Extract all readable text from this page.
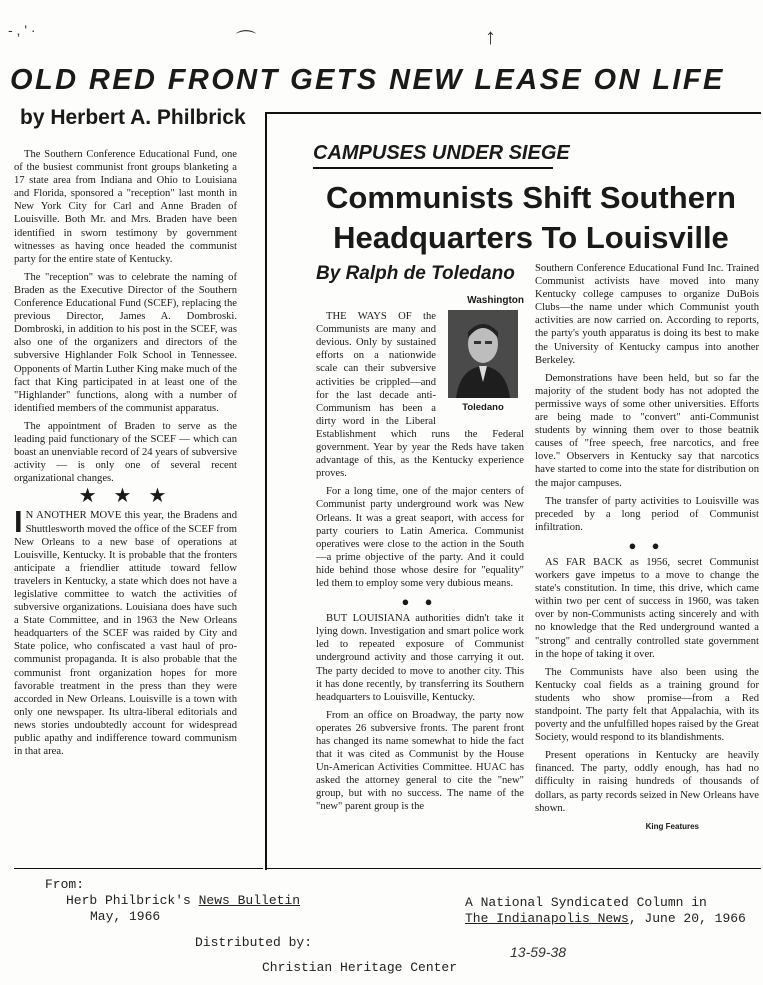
- , ' ·	⌒	↑
OLD RED FRONT GETS NEW LEASE ON LIFE
by Herbert A. Philbrick

The Southern Conference Educational Fund, one of the busiest communist front groups blanketing a 17 state area from Indiana and Ohio to Louisiana and Florida, sponsored a "reception" last month in New York City for Carl and Anne Braden of Louisville. Both Mr. and Mrs. Braden have been identified in sworn testimony by government witnesses as having once headed the communist party for the entire state of Kentucky.

The "reception" was to celebrate the naming of Braden as the Executive Director of the Southern Conference Educational Fund (SCEF), replacing the previous Director, James A. Dombroski. Dombroski, in addition to his post in the SCEF, was also one of the organizers and directors of the subversive Highlander Folk School in Tennessee. Opponents of Martin Luther King make much of the fact that King participated in at least one of the "Highlander" functions, along with a number of identified members of the communist apparatus.

The appointment of Braden to serve as the leading paid functionary of the SCEF — which can boast an unenviable record of 24 years of subversive activity — is only one of several recent organizational changes.

★ ★ ★

I N ANOTHER MOVE this year, the Bradens and Shuttlesworth moved the office of the SCEF from New Orleans to a new base of operations at Louisville, Kentucky. It is probable that the fronters anticipate a friendlier attitude toward fellow travelers in Kentucky, a state which does not have a legislative committee to watch the activities of subversive organizations. Louisiana does have such a State Committee, and in 1963 the New Orleans headquarters of the SCEF was raided by City and State police, who confiscated a vast haul of pro-communist propaganda. It is also probable that the communist front organization hopes for more favorable treatment in the press than they were accorded in New Orleans. Louisville is a town with only one newspaper. Its ultra-liberal editorials and news stories undoubtedly account for widespread public apathy and indifference toward communism in that area.

CAMPUSES UNDER SIEGE
Communists Shift Southern
Headquarters To Louisville
By Ralph de Toledano
Washington
Toledano

THE WAYS OF the Communists are many and devious. Only by sustained efforts on a nationwide scale can their subversive activities be crippled—and for the last decade anti-Communism has been a dirty word in the Liberal Establishment which runs the Federal government. Year by year the Reds have taken advantage of this, as the Kentucky experience proves.

For a long time, one of the major centers of Communist party underground work was New Orleans. It was a great seaport, with access for party couriers to Latin America. Communist operatives were close to the action in the South—a prime objective of the party. And it could hide behind those whose desire for "equality" led them to employ some very dubious means.

● ●

BUT LOUISIANA authorities didn't take it lying down. Investigation and smart police work led to repeated exposure of Communist underground activity and those carrying it out. The party decided to move to another city. This it has done recently, by transferring its Southern headquarters to Louisville, Kentucky.

From an office on Broadway, the party now operates 26 subversive fronts. The parent front has changed its name somewhat to hide the fact that it was cited as Communist by the House Un-American Activities Committee. HUAC has asked the attorney general to cite the "new" group, but with no success. The name of the "new" parent group is the

Southern Conference Educational Fund Inc. Trained Communist activists have moved into many Kentucky college campuses to organize DuBois Clubs—the name under which Communist youth activities are now carried on. According to reports, the party's youth apparatus is doing its best to make the University of Kentucky campus into another Berkeley.

Demonstrations have been held, but so far the majority of the student body has not adopted the permissive ways of some other universities. Efforts are being made to "convert" anti-Communist students by winning them over to those beatnik causes of "free speech, free narcotics, and free love." Observers in Kentucky say that narcotics have started to come into the state for distribution on the major campuses.

The transfer of party activities to Louisville was preceded by a long period of Communist infiltration.

● ●

AS FAR BACK as 1956, secret Communist workers gave impetus to a move to change the state's constitution. In time, this drive, which came within two per cent of success in 1960, was taken over by non-Communists acting sincerely and with no knowledge that the Red underground wanted a "strong" and centrally controlled state government in the hope of taking it over.

The Communists have also been using the Kentucky coal fields as a training ground for students who show promise—from a Red standpoint. The party felt that Appalachia, with its poverty and the unfulfilled hopes raised by the Great Society, would respond to its blandishments.

Present operations in Kentucky are heavily financed. The party, oddly enough, has had no difficulty in raising hundreds of thousands of dollars, as party records seized in New Orleans have shown.

King Features
From:
Herb Philbrick's News Bulletin
May, 1966
Distributed by:
Christian Heritage Center
A National Syndicated Column in
The Indianapolis News, June 20, 1966
13-59-38
